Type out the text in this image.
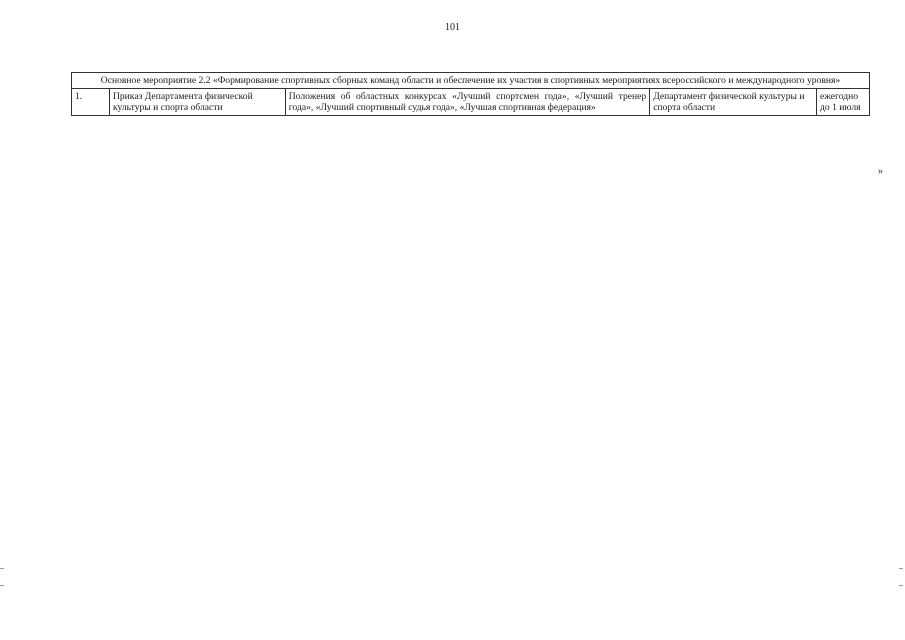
101
Основное мероприятие 2.2 «Формирование спортивных сборных команд области и обеспечение их участия в спортивных мероприятиях всероссийского и международного уровня»
1.	Приказ Департамента физической культуры и спорта области	Положения об областных конкурсах «Лучший спортсмен года», «Лучший тренер года», «Лучший спортивный судья года», «Лучшая спортивная федерация»	Департамент физической культуры и спорта области	ежегодно до 1 июля
»
